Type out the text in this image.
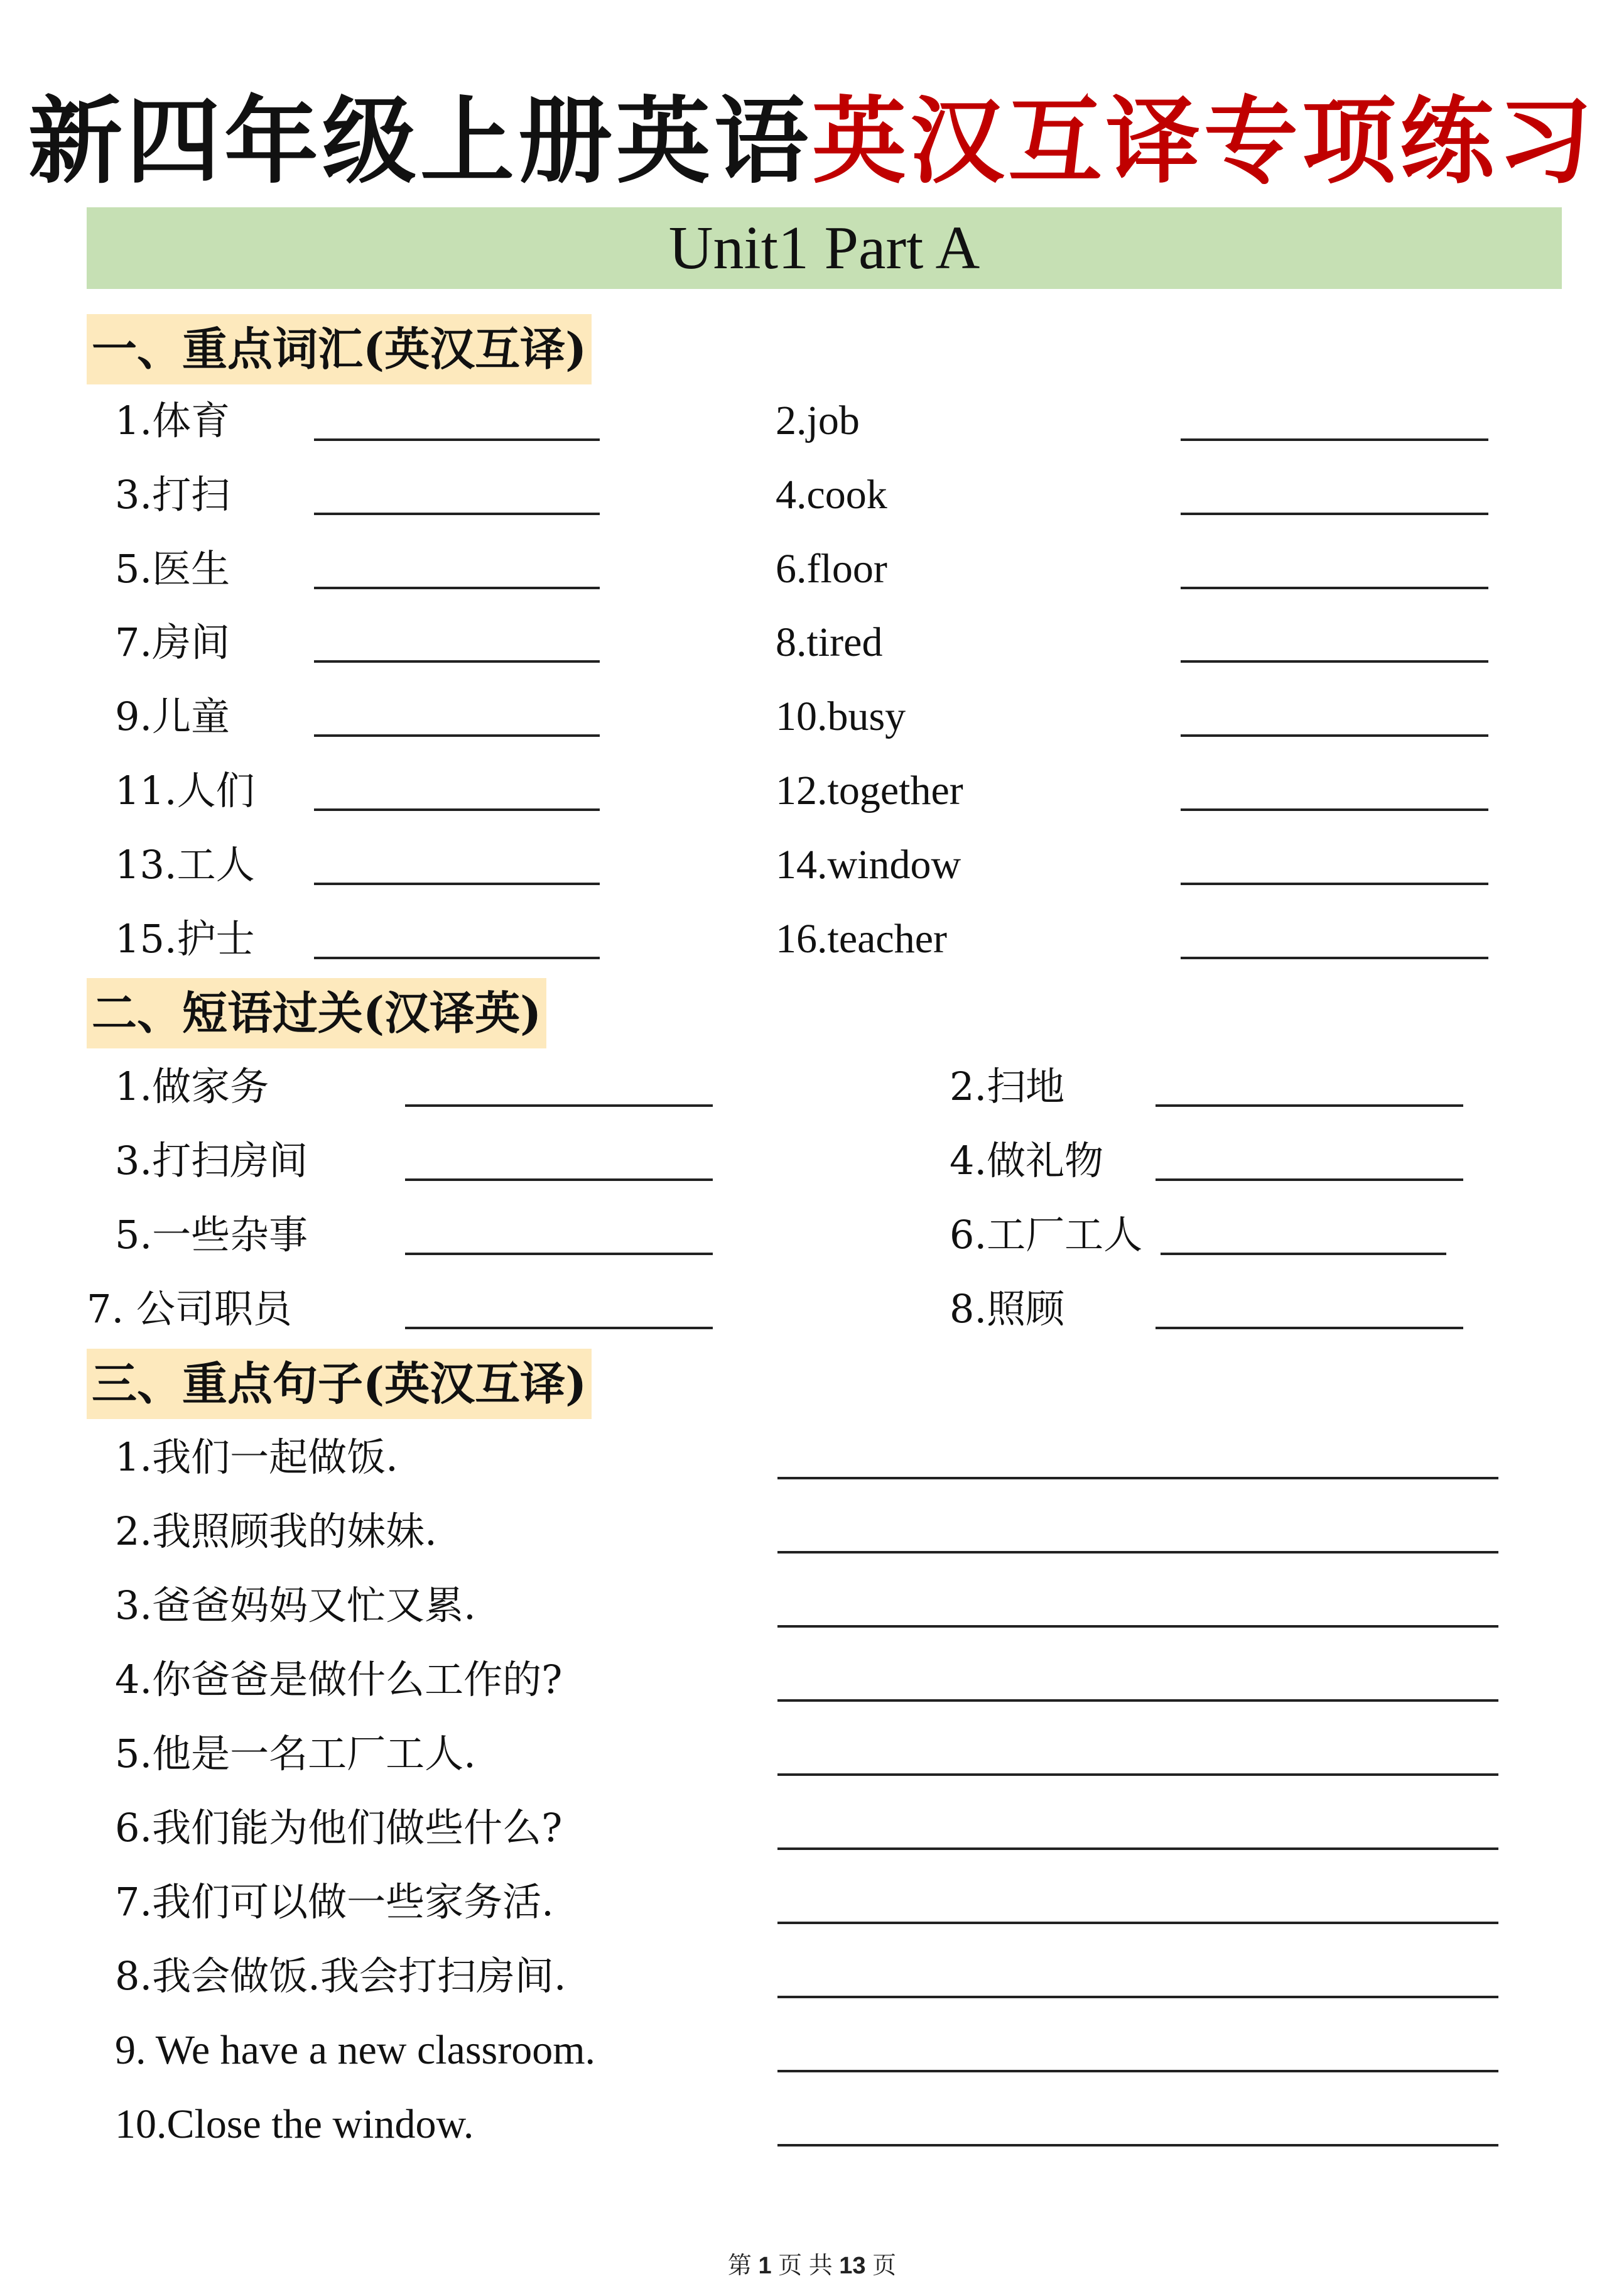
新四年级上册英语英汉互译专项练习
Unit1 Part A
一、重点词汇(英汉互译)
1.体育
3.打扫
5.医生
7.房间
9.儿童
11.人们
13.工人
15.护士
2.job
4.cook
6.floor
8.tired
10.busy
12.together
14.window
16.teacher
二、短语过关(汉译英)
1.做家务
3.打扫房间
5.一些杂事
7. 公司职员
2.扫地
4.做礼物
6.工厂工人
8.照顾
三、重点句子(英汉互译)
1.我们一起做饭.
2.我照顾我的妹妹.
3.爸爸妈妈又忙又累.
4.你爸爸是做什么工作的?
5.他是一名工厂工人.
6.我们能为他们做些什么?
7.我们可以做一些家务活.
8.我会做饭.我会打扫房间.
9. We have a new classroom.
10.Close the window.
第 1 页 共 13 页
